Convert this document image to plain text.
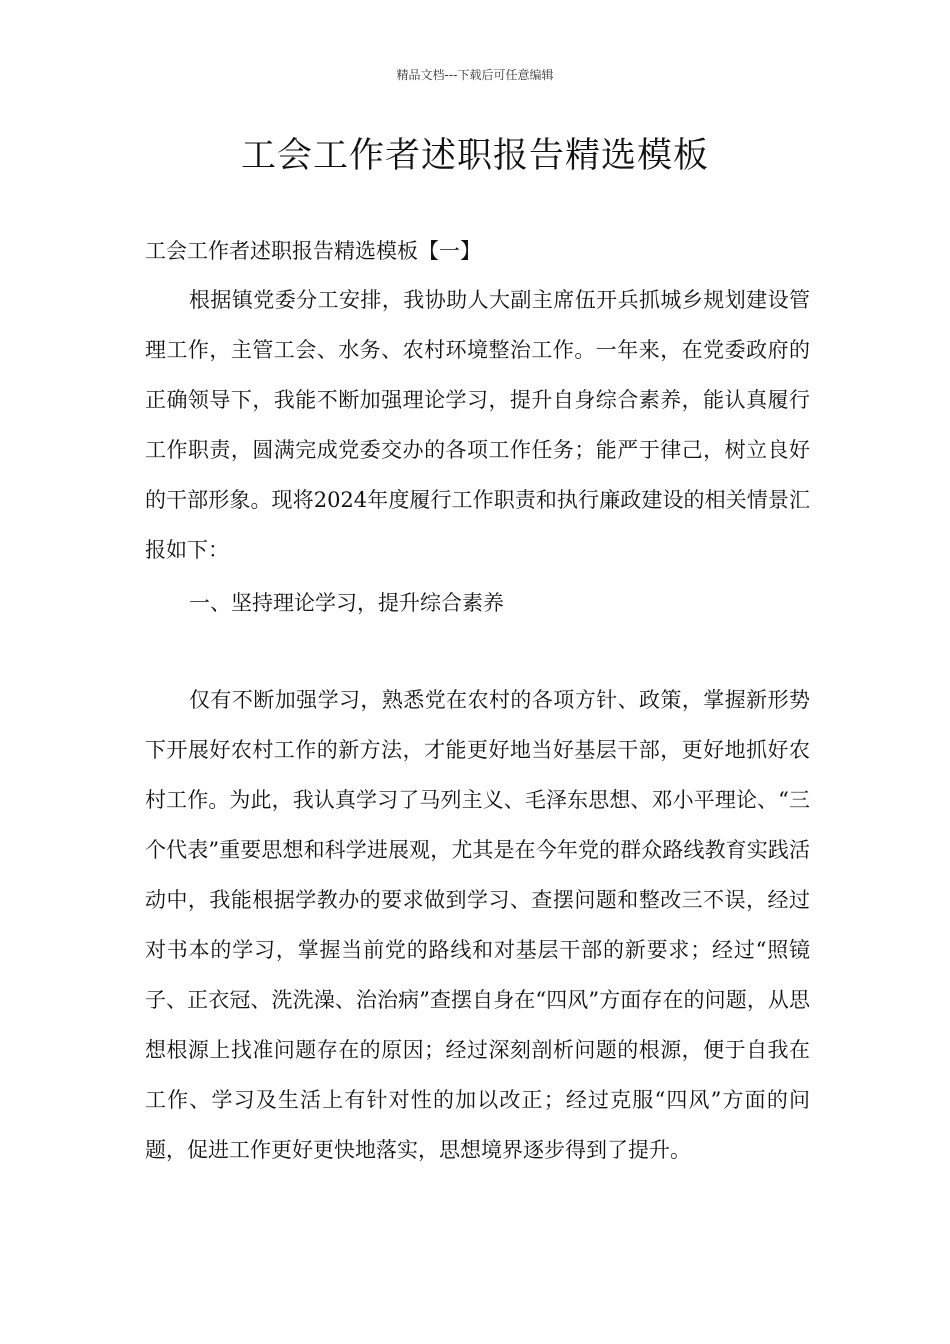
精品文档---下载后可任意编辑
工会工作者述职报告精选模板

工会工作者述职报告精选模板【一】

根据镇党委分工安排，我协助人大副主席伍开兵抓城乡规划建设管理工作，主管工会、水务、农村环境整治工作。一年来，在党委政府的正确领导下，我能不断加强理论学习，提升自身综合素养，能认真履行工作职责，圆满完成党委交办的各项工作任务；能严于律己，树立良好的干部形象。现将2024年度履行工作职责和执行廉政建设的相关情景汇报如下：

一、坚持理论学习，提升综合素养

仅有不断加强学习，熟悉党在农村的各项方针、政策，掌握新形势下开展好农村工作的新方法，才能更好地当好基层干部，更好地抓好农村工作。为此，我认真学习了马列主义、毛泽东思想、邓小平理论、“三个代表”重要思想和科学进展观，尤其是在今年党的群众路线教育实践活动中，我能根据学教办的要求做到学习、查摆问题和整改三不误，经过对书本的学习，掌握当前党的路线和对基层干部的新要求；经过“照镜子、正衣冠、洗洗澡、治治病”查摆自身在“四风”方面存在的问题，从思想根源上找准问题存在的原因；经过深刻剖析问题的根源，便于自我在工作、学习及生活上有针对性的加以改正；经过克服“四风”方面的问题，促进工作更好更快地落实，思想境界逐步得到了提升。
